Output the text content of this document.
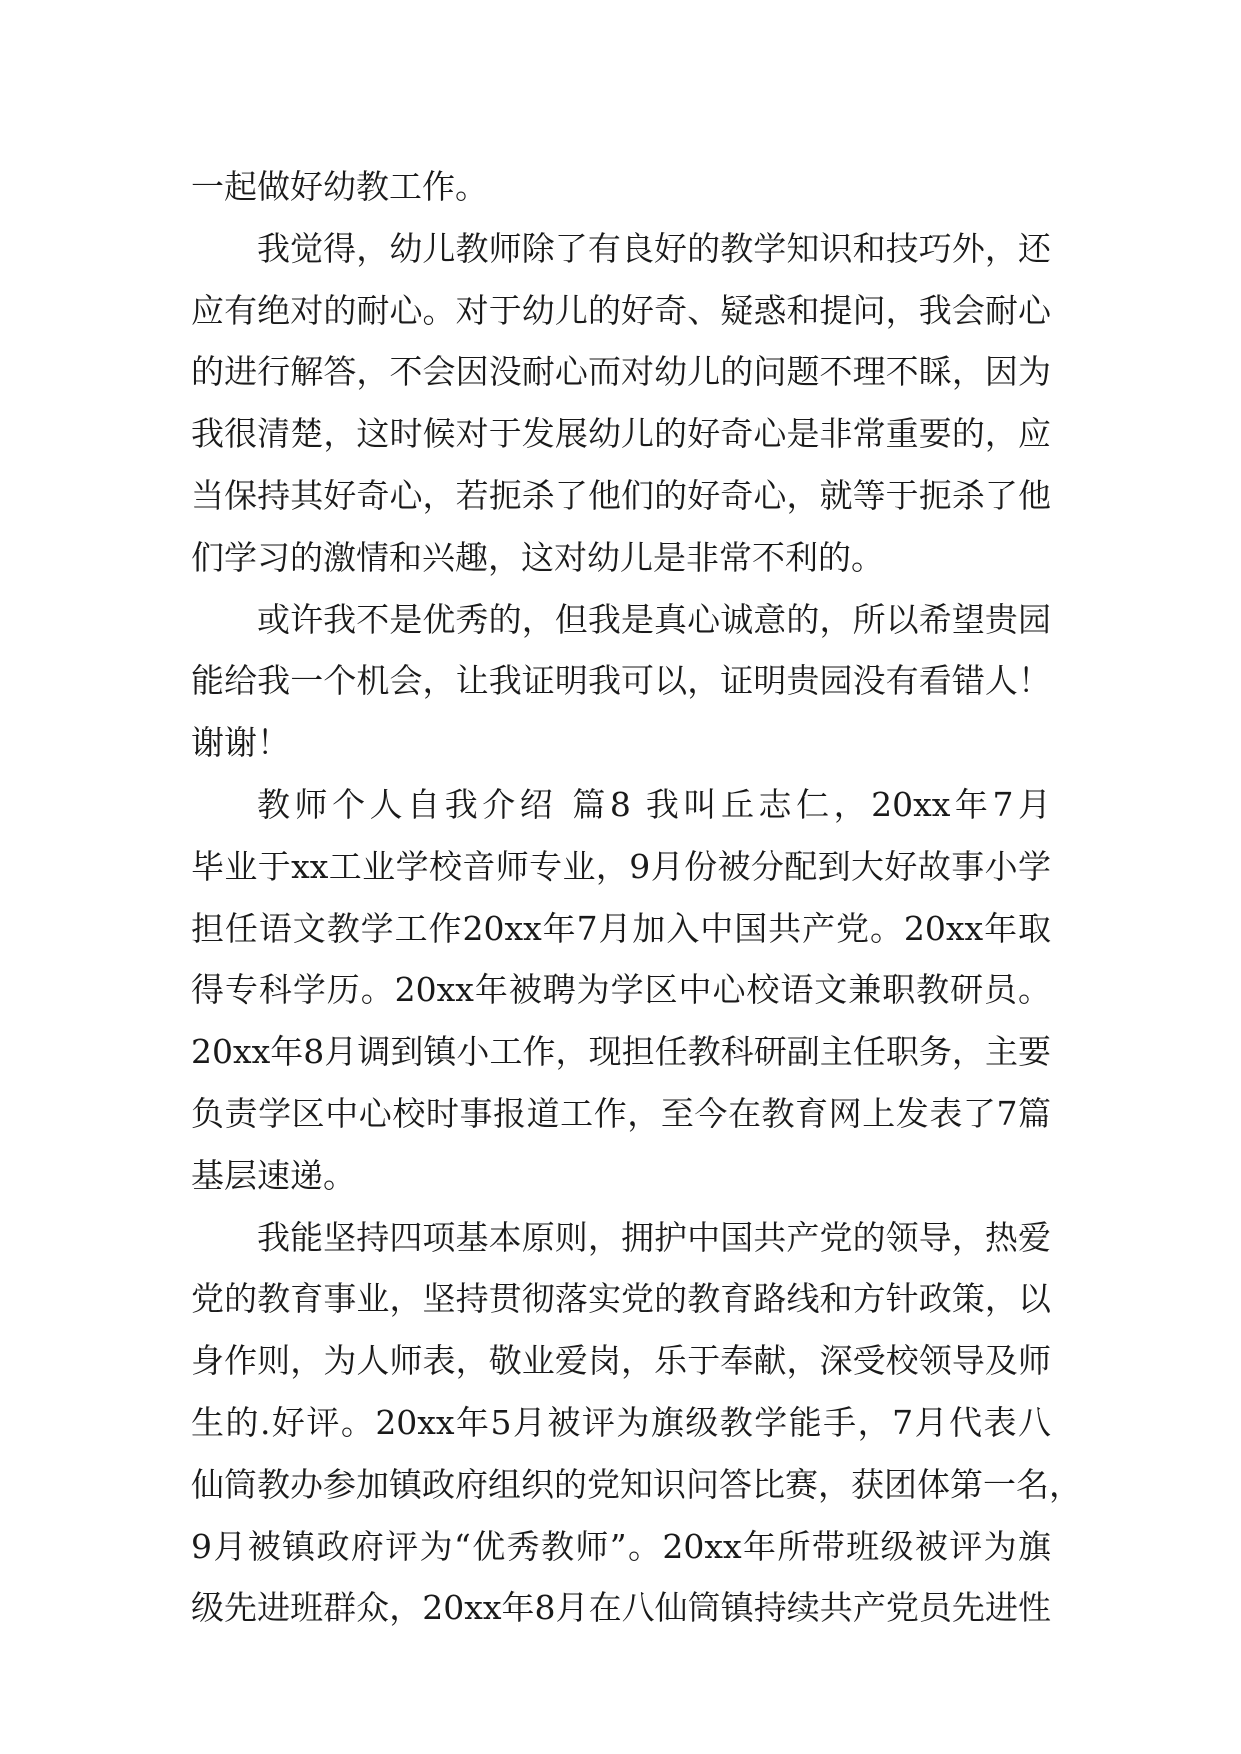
一起做好幼教工作。
我觉得，幼儿教师除了有良好的教学知识和技巧外，还
应有绝对的耐心。对于幼儿的好奇、疑惑和提问，我会耐心
的进行解答，不会因没耐心而对幼儿的问题不理不睬，因为
我很清楚，这时候对于发展幼儿的好奇心是非常重要的，应
当保持其好奇心，若扼杀了他们的好奇心，就等于扼杀了他
们学习的激情和兴趣，这对幼儿是非常不利的。
或许我不是优秀的，但我是真心诚意的，所以希望贵园
能给我一个机会，让我证明我可以，证明贵园没有看错人！
谢谢！
教师个人自我介绍 篇8 我叫丘志仁，20xx年7月
毕业于xx工业学校音师专业，9月份被分配到大好故事小学
担任语文教学工作20xx年7月加入中国共产党。20xx年取
得专科学历。20xx年被聘为学区中心校语文兼职教研员。
20xx年8月调到镇小工作，现担任教科研副主任职务，主要
负责学区中心校时事报道工作，至今在教育网上发表了7篇
基层速递。
我能坚持四项基本原则，拥护中国共产党的领导，热爱
党的教育事业，坚持贯彻落实党的教育路线和方针政策，以
身作则，为人师表，敬业爱岗，乐于奉献，深受校领导及师
生的.好评。20xx年5月被评为旗级教学能手，7月代表八
仙筒教办参加镇政府组织的党知识问答比赛，获团体第一名，
9月被镇政府评为“优秀教师”。20xx年所带班级被评为旗
级先进班群众，20xx年8月在八仙筒镇持续共产党员先进性
